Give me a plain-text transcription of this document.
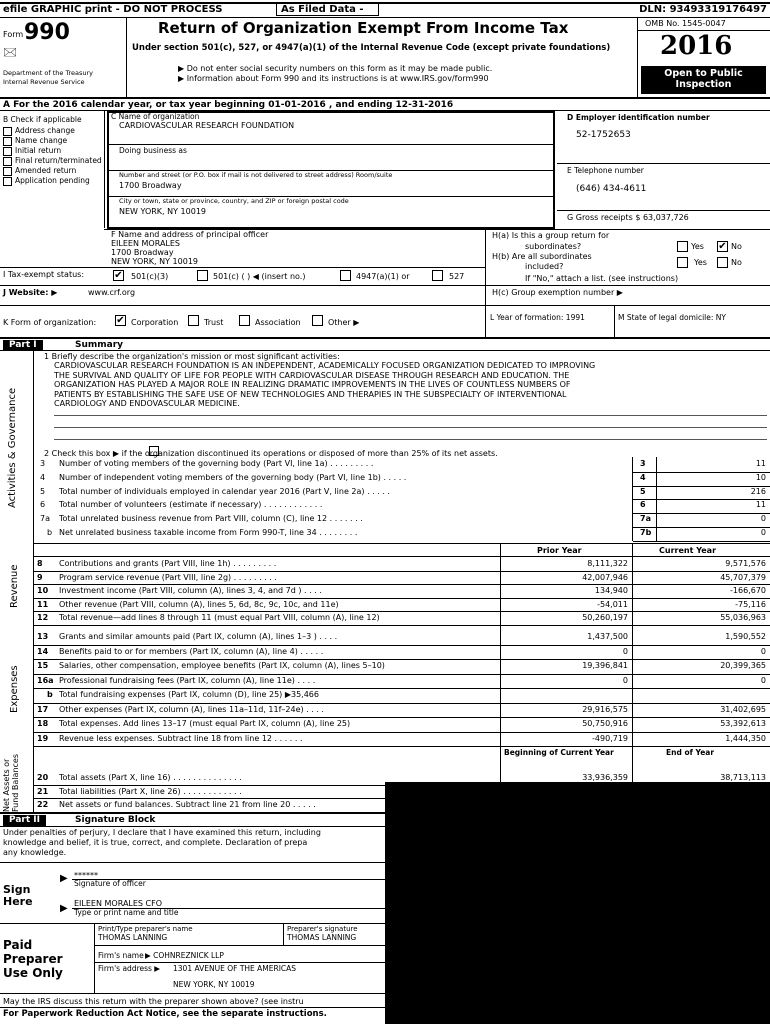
efile GRAPHIC print - DO NOT PROCESS	As Filed Data -	DLN: 93493319176497
Form 990
🖂
Department of the Treasury
Internal Revenue Service
Return of Organization Exempt From Income Tax
Under section 501(c), 527, or 4947(a)(1) of the Internal Revenue Code (except private foundations)
▶ Do not enter social security numbers on this form as it may be made public.
▶ Information about Form 990 and its instructions is at www.IRS.gov/form990
OMB No. 1545-0047
2016
Open to Public Inspection
A For the 2016 calendar year, or tax year beginning 01-01-2016 , and ending 12-31-2016
B Check if applicable
Address change
Name change
Initial return
Final return/terminated
Amended return
Application pending
C Name of organization
CARDIOVASCULAR RESEARCH FOUNDATION
Doing business as
Number and street (or P.O. box if mail is not delivered to street address) Room/suite
1700 Broadway
City or town, state or province, country, and ZIP or foreign postal code
NEW YORK, NY 10019
D Employer identification number
52-1752653
E Telephone number
(646) 434-4611
G Gross receipts $ 63,037,726
F Name and address of principal officer
EILEEN MORALES
1700 Broadway
NEW YORK, NY 10019
H(a) Is this a group return for
subordinates?	Yes ✔ No
H(b) Are all subordinates
included?	Yes	No
If "No," attach a list. (see instructions)
I Tax-exempt status:	✔ 501(c)(3)	501(c) ( ) ◀ (insert no.)	4947(a)(1) or	527
J Website: ▶	www.crf.org	H(c) Group exemption number ▶
K Form of organization: ✔ Corporation	Trust	Association	Other ▶
L Year of formation: 1991	M State of legal domicile: NY
Part I	Summary
Activities & Governance
1 Briefly describe the organization's mission or most significant activities:
CARDIOVASCULAR RESEARCH FOUNDATION IS AN INDEPENDENT, ACADEMICALLY FOCUSED ORGANIZATION DEDICATED TO IMPROVING
THE SURVIVAL AND QUALITY OF LIFE FOR PEOPLE WITH CARDIOVASCULAR DISEASE THROUGH RESEARCH AND EDUCATION. THE
ORGANIZATION HAS PLAYED A MAJOR ROLE IN REALIZING DRAMATIC IMPROVEMENTS IN THE LIVES OF COUNTLESS NUMBERS OF
PATIENTS BY ESTABLISHING THE SAFE USE OF NEW TECHNOLOGIES AND THERAPIES IN THE SUBSPECIALTY OF INTERVENTIONAL
CARDIOLOGY AND ENDOVASCULAR MEDICINE.
2 Check this box ▶ if the organization discontinued its operations or disposed of more than 25% of its net assets.
Prior Year	Current Year
Revenue
Expenses
Beginning of Current Year	End of Year
Net Assets or Fund Balances
Part II	Signature Block
Under penalties of perjury, I declare that I have examined this return, including
knowledge and belief, it is true, correct, and complete. Declaration of prepa
any knowledge.
Sign
Here
▶
▶
******
Signature of officer
EILEEN MORALES CFO
Type or print name and title
Paid
Preparer
Use Only
Print/Type preparer's name
THOMAS LANNING
Preparer's signature
THOMAS LANNING
Firm's name ▶ COHNREZNICK LLP
Firm's address ▶ 1301 AVENUE OF THE AMERICAS
NEW YORK, NY 10019
May the IRS discuss this return with the preparer shown above? (see instru
For Paperwork Reduction Act Notice, see the separate instructions.
3 Number of voting members of the governing body (Part VI, line 1a) . . . . . . . . .	3	11
4 Number of independent voting members of the governing body (Part VI, line 1b) . . . . .	4	10
5 Total number of individuals employed in calendar year 2016 (Part V, line 2a) . . . . .	5	216
6 Total number of volunteers (estimate if necessary) . . . . . . . . . . . .	6	11
7a Total unrelated business revenue from Part VIII, column (C), line 12 . . . . . . .	7a	0
b Net unrelated business taxable income from Form 990-T, line 34 . . . . . . . .	7b	0
8 Contributions and grants (Part VIII, line 1h) . . . . . . . . .	8,111,322	9,571,576
9 Program service revenue (Part VIII, line 2g) . . . . . . . . .	42,007,946	45,707,379
10 Investment income (Part VIII, column (A), lines 3, 4, and 7d ) . . . .	134,940	-166,670
11 Other revenue (Part VIII, column (A), lines 5, 6d, 8c, 9c, 10c, and 11e)	-54,011	-75,116
12 Total revenue—add lines 8 through 11 (must equal Part VIII, column (A), line 12)	50,260,197	55,036,963
13 Grants and similar amounts paid (Part IX, column (A), lines 1–3 ) . . . .	1,437,500	1,590,552
14 Benefits paid to or for members (Part IX, column (A), line 4) . . . . .	0	0
15 Salaries, other compensation, employee benefits (Part IX, column (A), lines 5–10)	19,396,841	20,399,365
16a Professional fundraising fees (Part IX, column (A), line 11e) . . . .	0	0
b Total fundraising expenses (Part IX, column (D), line 25) ▶35,466
17 Other expenses (Part IX, column (A), lines 11a–11d, 11f–24e) . . . .	29,916,575	31,402,695
18 Total expenses. Add lines 13–17 (must equal Part IX, column (A), line 25)	50,750,916	53,392,613
19 Revenue less expenses. Subtract line 18 from line 12 . . . . . .	-490,719	1,444,350
20 Total assets (Part X, line 16) . . . . . . . . . . . . . .	33,936,359	38,713,113
21 Total liabilities (Part X, line 26) . . . . . . . . . . . .	25,462,352	28,829,073
22 Net assets or fund balances. Subtract line 21 from line 20 . . . . .	8,474,007	9,884,040
